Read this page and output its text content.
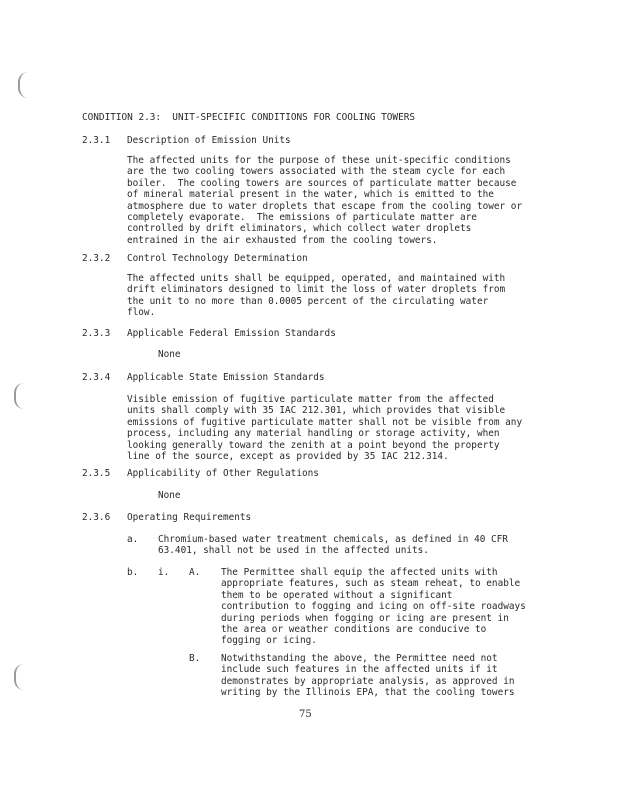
CONDITION 2.3:  UNIT-SPECIFIC CONDITIONS FOR COOLING TOWERS
2.3.1 Description of Emission Units
The affected units for the purpose of these unit-specific conditions
are the two cooling towers associated with the steam cycle for each
boiler.  The cooling towers are sources of particulate matter because
of mineral material present in the water, which is emitted to the
atmosphere due to water droplets that escape from the cooling tower or
completely evaporate.  The emissions of particulate matter are
controlled by drift eliminators, which collect water droplets
entrained in the air exhausted from the cooling towers.
2.3.2 Control Technology Determination
The affected units shall be equipped, operated, and maintained with
drift eliminators designed to limit the loss of water droplets from
the unit to no more than 0.0005 percent of the circulating water
flow.
2.3.3 Applicable Federal Emission Standards
None
2.3.4 Applicable State Emission Standards
Visible emission of fugitive particulate matter from the affected
units shall comply with 35 IAC 212.301, which provides that visible
emissions of fugitive particulate matter shall not be visible from any
process, including any material handling or storage activity, when
looking generally toward the zenith at a point beyond the property
line of the source, except as provided by 35 IAC 212.314.
2.3.5 Applicability of Other Regulations
None
2.3.6 Operating Requirements
a. Chromium-based water treatment chemicals, as defined in 40 CFR
63.401, shall not be used in the affected units.
b. i. A. The Permittee shall equip the affected units with
appropriate features, such as steam reheat, to enable
them to be operated without a significant
contribution to fogging and icing on off-site roadways
during periods when fogging or icing are present in
the area or weather conditions are conducive to
fogging or icing.
B. Notwithstanding the above, the Permittee need not
include such features in the affected units if it
demonstrates by appropriate analysis, as approved in
writing by the Illinois EPA, that the cooling towers
75
